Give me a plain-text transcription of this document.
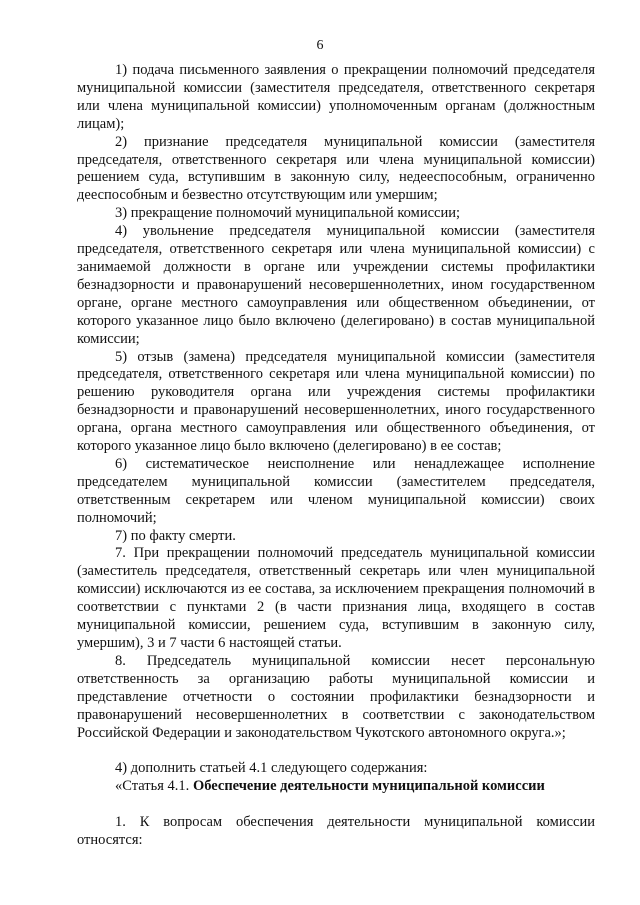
6

1) подача письменного заявления о прекращении полномочий председателя муниципальной комиссии (заместителя председателя, ответственного секретаря или члена муниципальной комиссии) уполномоченным органам (должностным лицам);

2) признание председателя муниципальной комиссии (заместителя председателя, ответственного секретаря или члена муниципальной комиссии) решением суда, вступившим в законную силу, недееспособным, ограниченно дееспособным и безвестно отсутствующим или умершим;

3) прекращение полномочий муниципальной комиссии;

4) увольнение председателя муниципальной комиссии (заместителя председателя, ответственного секретаря или члена муниципальной комиссии) с занимаемой должности в органе или учреждении системы профилактики безнадзорности и правонарушений несовершеннолетних, ином государственном органе, органе местного самоуправления или общественном объединении, от которого указанное лицо было включено (делегировано) в состав муниципальной комиссии;

5) отзыв (замена) председателя муниципальной комиссии (заместителя председателя, ответственного секретаря или члена муниципальной комиссии) по решению руководителя органа или учреждения системы профилактики безнадзорности и правонарушений несовершеннолетних, иного государственного органа, органа местного самоуправления или общественного объединения, от которого указанное лицо было включено (делегировано) в ее состав;

6) систематическое неисполнение или ненадлежащее исполнение председателем муниципальной комиссии (заместителем председателя, ответственным секретарем или членом муниципальной комиссии) своих полномочий;

7) по факту смерти.

7. При прекращении полномочий председатель муниципальной комиссии (заместитель председателя, ответственный секретарь или член муниципальной комиссии) исключаются из ее состава, за исключением прекращения полномочий в соответствии с пунктами 2 (в части признания лица, входящего в состав муниципальной комиссии, решением суда, вступившим в законную силу, умершим), 3 и 7 части 6 настоящей статьи.

8. Председатель муниципальной комиссии несет персональную ответственность за организацию работы муниципальной комиссии и представление отчетности о состоянии профилактики безнадзорности и правонарушений несовершеннолетних в соответствии с законодательством Российской Федерации и законодательством Чукотского автономного округа.»;

4) дополнить статьей 4.1 следующего содержания:

«Статья 4.1. Обеспечение деятельности муниципальной комиссии

1. К вопросам обеспечения деятельности муниципальной комиссии относятся:
